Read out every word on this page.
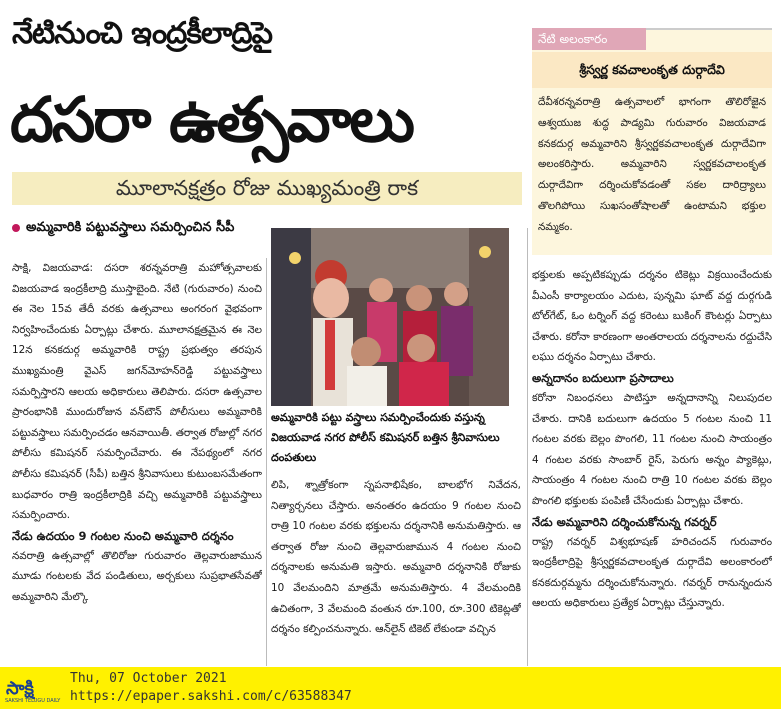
నేటినుంచి ఇంద్రకీలాద్రిపై
దసరా ఉత్సవాలు
మూలానక్షత్రం రోజు ముఖ్యమంత్రి రాక
అమ్మవారికి పట్టువస్త్రాలు సమర్పించిన సీపీ
సాక్షి, విజయవాడ: దసరా శరన్నవరాత్రి మహోత్సవాలకు విజయవాడ ఇంద్రకీలాద్రి ముస్తాబైంది. నేటి (గురువారం) నుంచి ఈ నెల 15వ తేదీ వరకు ఉత్సవాలు అంగరంగ వైభవంగా నిర్వహించేందుకు ఏర్పాట్లు చేశారు. మూలానక్షత్రమైన ఈ నెల 12న కనకదుర్గ అమ్మవారికి రాష్ట్ర ప్రభుత్వం తరపున ముఖ్యమంత్రి వైఎస్ జగన్‌మోహన్‌రెడ్డి పట్టువస్త్రాలు సమర్పిస్తారని ఆలయ అధికారులు తెలిపారు. దసరా ఉత్సవాల ప్రారంభానికి ముందురోజున వన్‌టౌన్ పోలీసులు అమ్మవారికి పట్టువస్త్రాలు సమర్పించడం ఆనవాయితీ. తర్వాత రోజుల్లో నగర పోలీసు కమిషనర్ సమర్పించేవారు. ఈ నేపథ్యంలో నగర పోలీసు కమిషనర్ (సీపీ) బత్తిన శ్రీనివాసులు కుటుంబసమేతంగా బుధవారం రాత్రి ఇంద్రకీలాద్రికి వచ్చి అమ్మవారికి పట్టువస్త్రాలు సమర్పించారు.
నేడు ఉదయం 9 గంటల నుంచి అమ్మవారి దర్శనం
నవరాత్రి ఉత్సవాల్లో తొలిరోజు గురువారం తెల్లవారుజామున మూడు గంటలకు వేద పండితులు, అర్చకులు సుప్రభాతసేవతో అమ్మవారిని మేల్కొ
అమ్మవారికి పట్టు వస్త్రాలు సమర్పించేందుకు వస్తున్న విజయవాడ నగర పోలీస్ కమిషనర్ బత్తిన శ్రీనివాసులు దంపతులు
లిపి, శ్నాత్రోకంగా స్నపనాభిషేకం, బాలభోగ నివేదన, నిత్యార్చనలు చేస్తారు. అనంతరం ఉదయం 9 గంటల నుంచి రాత్రి 10 గంటల వరకు భక్తులను దర్శనానికి అనుమతిస్తారు. ఆ తర్వాత రోజు నుంచి తెల్లవారుజామున 4 గంటల నుంచి దర్శనాలకు అనుమతి ఇస్తారు. అమ్మవారి దర్శనానికి రోజుకు 10 వేలమందిని మాత్రమే అనుమతిస్తారు. 4 వేలమందికి ఉచితంగా, 3 వేలమంది వంతున రూ.100, రూ.300 టికెట్లతో దర్శనం కల్పించనున్నారు. ఆన్‌లైన్ టికెట్ లేకుండా వచ్చిన
నేటి అలంకారం
శ్రీస్వర్ణ కవచాలంకృత దుర్గాదేవి
దేవీశరన్నవరాత్రి ఉత్సవాలలో భాగంగా తొలిరోజైన ఆశ్వయుజ శుద్ధ పాడ్యమి గురువారం విజయవాడ కనకదుర్గ అమ్మవారిని శ్రీస్వర్ణకవచాలంకృత దుర్గాదేవిగా అలంకరిస్తారు. అమ్మవారిని స్వర్ణకవచాలంకృత దుర్గాదేవిగా దర్శించుకోవడంతో సకల దారిద్ర్యాలు తొలగిపోయి సుఖసంతోషాలతో ఉంటామని భక్తుల నమ్మకం.
భక్తులకు అప్పటికప్పుడు దర్శనం టికెట్లు విక్రయించేందుకు వీఎంసీ కార్యాలయం ఎదుట, పున్నమి ఘాట్ వద్ద దుర్గగుడి టోల్‌గేట్, ఓం టర్నింగ్ వద్ద కరెంటు బుకింగ్ కౌంటర్లు ఏర్పాటు చేశారు. కరోనా కారణంగా అంతరాలయ దర్శనాలను రద్దుచేసి లఘు దర్శనం ఏర్పాటు చేశారు.
అన్నదానం బదులుగా ప్రసాదాలు
కరోనా నిబంధనలు పాటిస్తూ అన్నదానాన్ని నిలుపుదల చేశారు. దానికి బదులుగా ఉదయం 5 గంటల నుంచి 11 గంటల వరకు బెల్లం పొంగలి, 11 గంటల నుంచి సాయంత్రం 4 గంటల వరకు సాంబార్ రైస్, పెరుగు అన్నం ప్యాకెట్లు, సాయంత్రం 4 గంటల నుంచి రాత్రి 10 గంటల వరకు బెల్లం పొంగలి భక్తులకు పంపిణీ చేసేందుకు ఏర్పాట్లు చేశారు.
నేడు అమ్మవారిని దర్శించుకోనున్న గవర్నర్
రాష్ట్ర గవర్నర్ విశ్వభూషణ్ హరిచందన్ గురువారం ఇంద్రకీలాద్రిపై శ్రీస్వర్ణకవచాలంకృత దుర్గాదేవి అలంకారంలో కనకదుర్గమ్మను దర్శించుకోనున్నారు. గవర్నర్ రానున్నందున ఆలయ అధికారులు ప్రత్యేక ఏర్పాట్లు చేస్తున్నారు.
సాక్షి
SAKSHI TELUGU DAILY
Thu, 07 October 2021
https://epaper.sakshi.com/c/63588347
